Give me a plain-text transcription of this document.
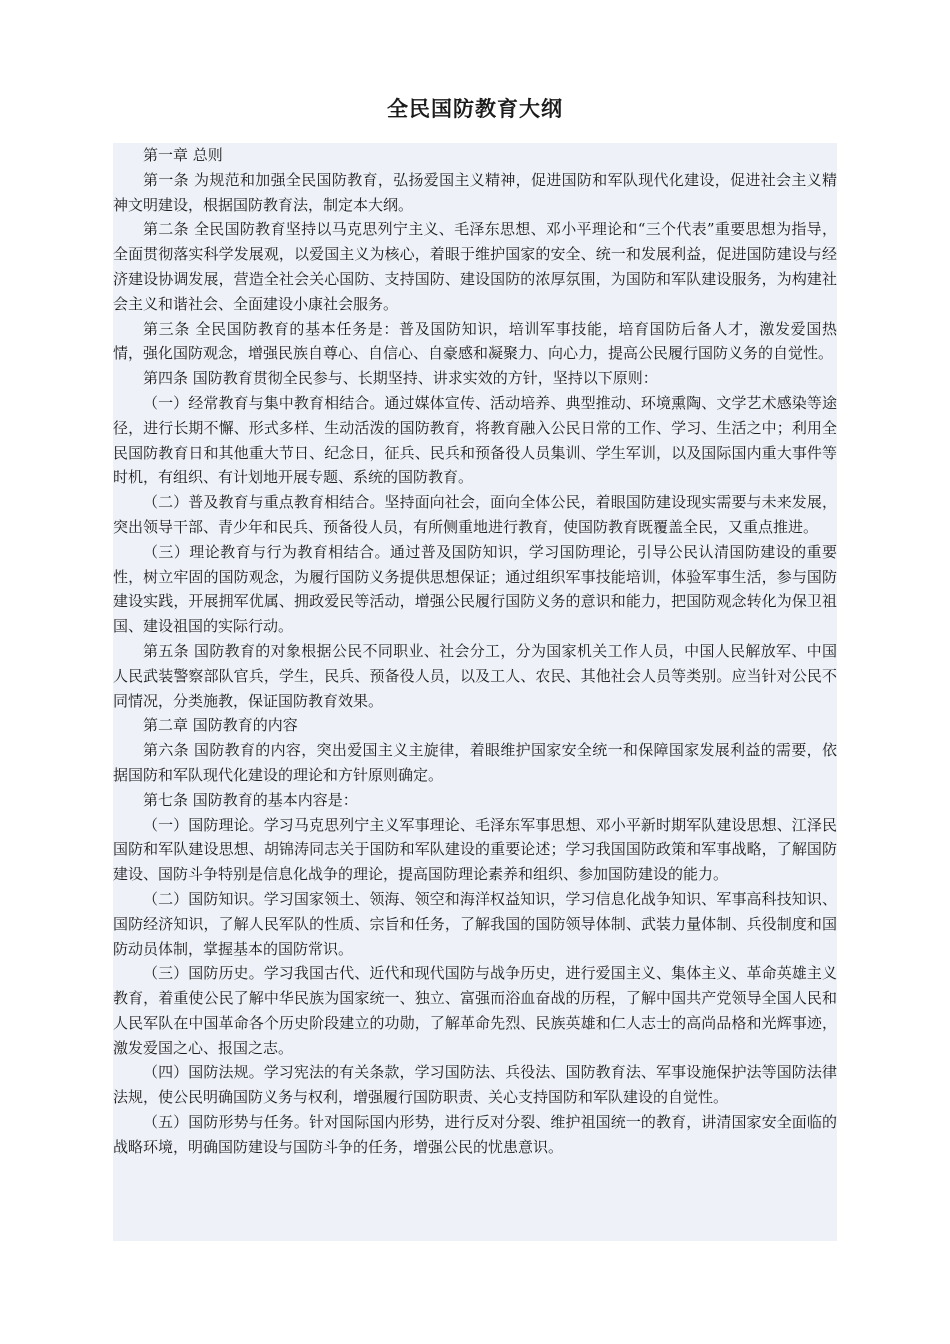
全民国防教育大纲

第一章 总则

第一条 为规范和加强全民国防教育，弘扬爱国主义精神，促进国防和军队现代化建设，促进社会主义精神文明建设，根据国防教育法，制定本大纲。

第二条 全民国防教育坚持以马克思列宁主义、毛泽东思想、邓小平理论和“三个代表”重要思想为指导，全面贯彻落实科学发展观，以爱国主义为核心，着眼于维护国家的安全、统一和发展利益，促进国防建设与经济建设协调发展，营造全社会关心国防、支持国防、建设国防的浓厚氛围，为国防和军队建设服务，为构建社会主义和谐社会、全面建设小康社会服务。

第三条 全民国防教育的基本任务是：普及国防知识，培训军事技能，培育国防后备人才，激发爱国热情，强化国防观念，增强民族自尊心、自信心、自豪感和凝聚力、向心力，提高公民履行国防义务的自觉性。

第四条 国防教育贯彻全民参与、长期坚持、讲求实效的方针，坚持以下原则：

（一）经常教育与集中教育相结合。通过媒体宣传、活动培养、典型推动、环境熏陶、文学艺术感染等途径，进行长期不懈、形式多样、生动活泼的国防教育，将教育融入公民日常的工作、学习、生活之中；利用全民国防教育日和其他重大节日、纪念日，征兵、民兵和预备役人员集训、学生军训，以及国际国内重大事件等时机，有组织、有计划地开展专题、系统的国防教育。

（二）普及教育与重点教育相结合。坚持面向社会，面向全体公民，着眼国防建设现实需要与未来发展，突出领导干部、青少年和民兵、预备役人员，有所侧重地进行教育，使国防教育既覆盖全民，又重点推进。

（三）理论教育与行为教育相结合。通过普及国防知识，学习国防理论，引导公民认清国防建设的重要性，树立牢固的国防观念，为履行国防义务提供思想保证；通过组织军事技能培训，体验军事生活，参与国防建设实践，开展拥军优属、拥政爱民等活动，增强公民履行国防义务的意识和能力，把国防观念转化为保卫祖国、建设祖国的实际行动。

第五条 国防教育的对象根据公民不同职业、社会分工，分为国家机关工作人员，中国人民解放军、中国人民武装警察部队官兵，学生，民兵、预备役人员，以及工人、农民、其他社会人员等类别。应当针对公民不同情况，分类施教，保证国防教育效果。

第二章 国防教育的内容

第六条 国防教育的内容，突出爱国主义主旋律，着眼维护国家安全统一和保障国家发展利益的需要，依据国防和军队现代化建设的理论和方针原则确定。

第七条 国防教育的基本内容是：

（一）国防理论。学习马克思列宁主义军事理论、毛泽东军事思想、邓小平新时期军队建设思想、江泽民国防和军队建设思想、胡锦涛同志关于国防和军队建设的重要论述；学习我国国防政策和军事战略，了解国防建设、国防斗争特别是信息化战争的理论，提高国防理论素养和组织、参加国防建设的能力。

（二）国防知识。学习国家领土、领海、领空和海洋权益知识，学习信息化战争知识、军事高科技知识、国防经济知识，了解人民军队的性质、宗旨和任务，了解我国的国防领导体制、武装力量体制、兵役制度和国防动员体制，掌握基本的国防常识。

（三）国防历史。学习我国古代、近代和现代国防与战争历史，进行爱国主义、集体主义、革命英雄主义教育，着重使公民了解中华民族为国家统一、独立、富强而浴血奋战的历程，了解中国共产党领导全国人民和人民军队在中国革命各个历史阶段建立的功勋，了解革命先烈、民族英雄和仁人志士的高尚品格和光辉事迹，激发爱国之心、报国之志。

（四）国防法规。学习宪法的有关条款，学习国防法、兵役法、国防教育法、军事设施保护法等国防法律法规，使公民明确国防义务与权利，增强履行国防职责、关心支持国防和军队建设的自觉性。

（五）国防形势与任务。针对国际国内形势，进行反对分裂、维护祖国统一的教育，讲清国家安全面临的战略环境，明确国防建设与国防斗争的任务，增强公民的忧患意识。
